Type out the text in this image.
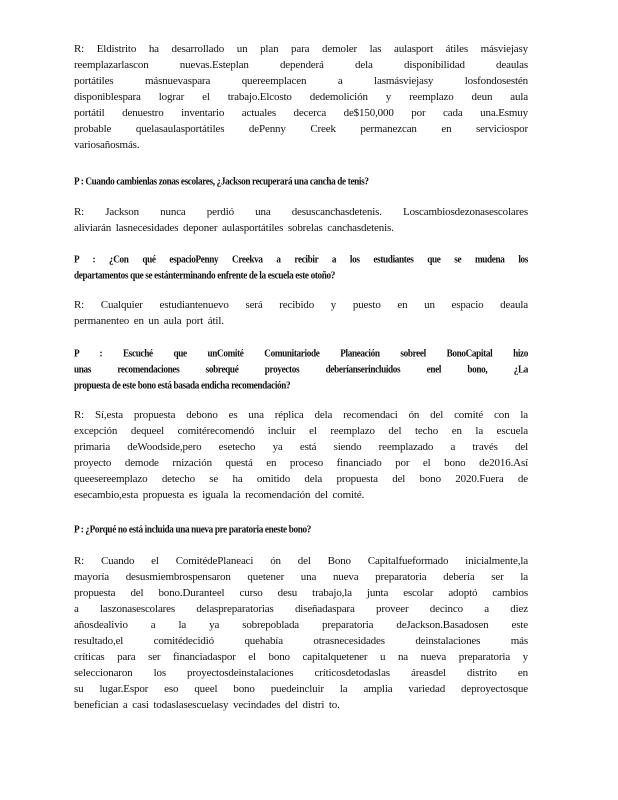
R: Eldistrito ha desarrollado un plan para demoler las aulasport átiles másviejasy
reemplazarlascon nuevas.Esteplan dependerá dela disponibilidad deaulas
portátiles másnuevaspara quereemplacen a lasmásviejasy losfondosestén
disponiblespara lograr el trabajo.Elcosto dedemolición y reemplazo deun aula
portátil denuestro inventario actuales decerca de$150,000 por cada una.Esmuy
probable quelasaulasportátiles dePenny Creek permanezcan en serviciospor
variosañosmás.
P : Cuando cambienlas zonas escolares, ¿Jackson recuperará una cancha de tenis?
R: Jackson nunca perdió una desuscanchasdetenis. Loscambiosdezonasescolares
aliviarán lasnecesidades deponer aulasportátiles sobrelas canchasdetenis.
P : ¿Con qué espacioPenny Creekva a recibir a los estudiantes que se mudena los
departamentos que se estánterminando enfrente de la escuela este otoño?
R: Cualquier estudiantenuevo será recibido y puesto en un espacio deaula
permanenteo en un aula port átil.
P : Escuché que unComité Comunitariode Planeación sobreel BonoCapital hizo
unas recomendaciones sobrequé proyectos deberíanserincluidos enel bono, ¿La
propuesta de este bono está basada endicha recomendación?
R: Sí,esta propuesta debono es una réplica dela recomendaci ón del comité con la
excepción dequeel comitérecomendó incluir el reemplazo del techo en la escuela
primaria deWoodside,pero esetecho ya está siendo reemplazado a través del
proyecto demode rnización questá en proceso financiado por el bono de2016.Así
queesereemplazo detecho se ha omitido dela propuesta del bono 2020.Fuera de
esecambio,esta propuesta es iguala la recomendación del comité.
P : ¿Porqué no está incluida una nueva pre paratoria eneste bono?
R: Cuando el ComitédePlaneaci ón del Bono Capitalfueformado inicialmente,la
mayoría desusmiembrospensaron quetener una nueva preparatoria debería ser la
propuesta del bono.Duranteel curso desu trabajo,la junta escolar adoptó cambios
a laszonasescolares delaspreparatorias diseñadaspara proveer decinco a diez
añosdealivio a la ya sobrepoblada preparatoria deJackson.Basadosen este
resultado,el comitédecidió quehabía otrasnecesidades deinstalaciones más
críticas para ser financiadaspor el bono capitalquetener u na nueva preparatoria y
seleccionaron los proyectosdeinstalaciones críticosdetodaslas áreasdel distrito en
su lugar.Espor eso queel bono puedeincluir la amplia variedad deproyectosque
benefician a casi todaslasescuelasy vecindades del distri to.
